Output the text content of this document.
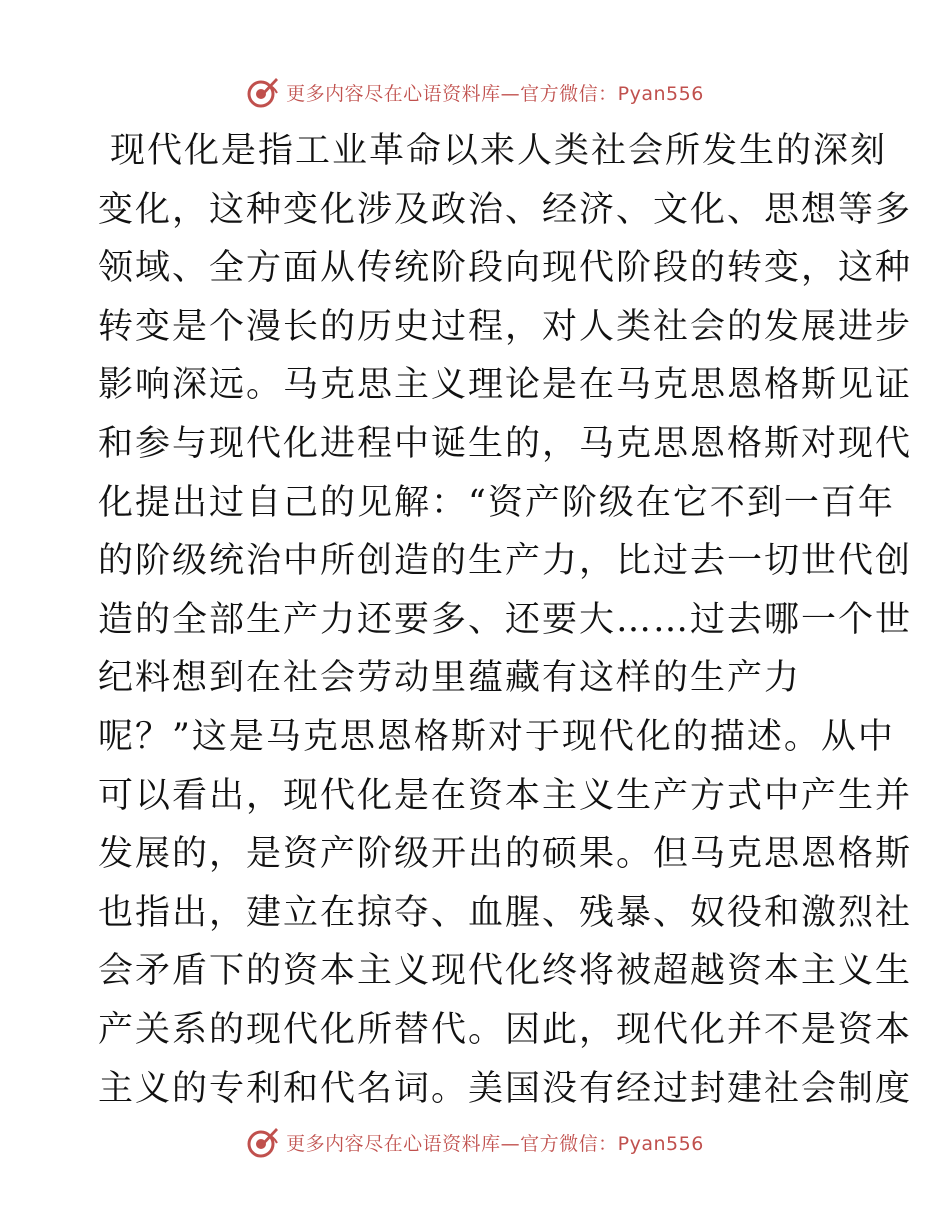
更多内容尽在心语资料库—官方微信：Pyan556
现代化是指工业革命以来人类社会所发生的深刻
变化，这种变化涉及政治、经济、文化、思想等多
领域、全方面从传统阶段向现代阶段的转变，这种
转变是个漫长的历史过程，对人类社会的发展进步
影响深远。马克思主义理论是在马克思恩格斯见证
和参与现代化进程中诞生的，马克思恩格斯对现代
化提出过自己的见解：“资产阶级在它不到一百年
的阶级统治中所创造的生产力，比过去一切世代创
造的全部生产力还要多、还要大……过去哪一个世
纪料想到在社会劳动里蕴藏有这样的生产力
呢？”这是马克思恩格斯对于现代化的描述。从中
可以看出，现代化是在资本主义生产方式中产生并
发展的，是资产阶级开出的硕果。但马克思恩格斯
也指出，建立在掠夺、血腥、残暴、奴役和激烈社
会矛盾下的资本主义现代化终将被超越资本主义生
产关系的现代化所替代。因此，现代化并不是资本
主义的专利和代名词。美国没有经过封建社会制度
更多内容尽在心语资料库—官方微信：Pyan556
